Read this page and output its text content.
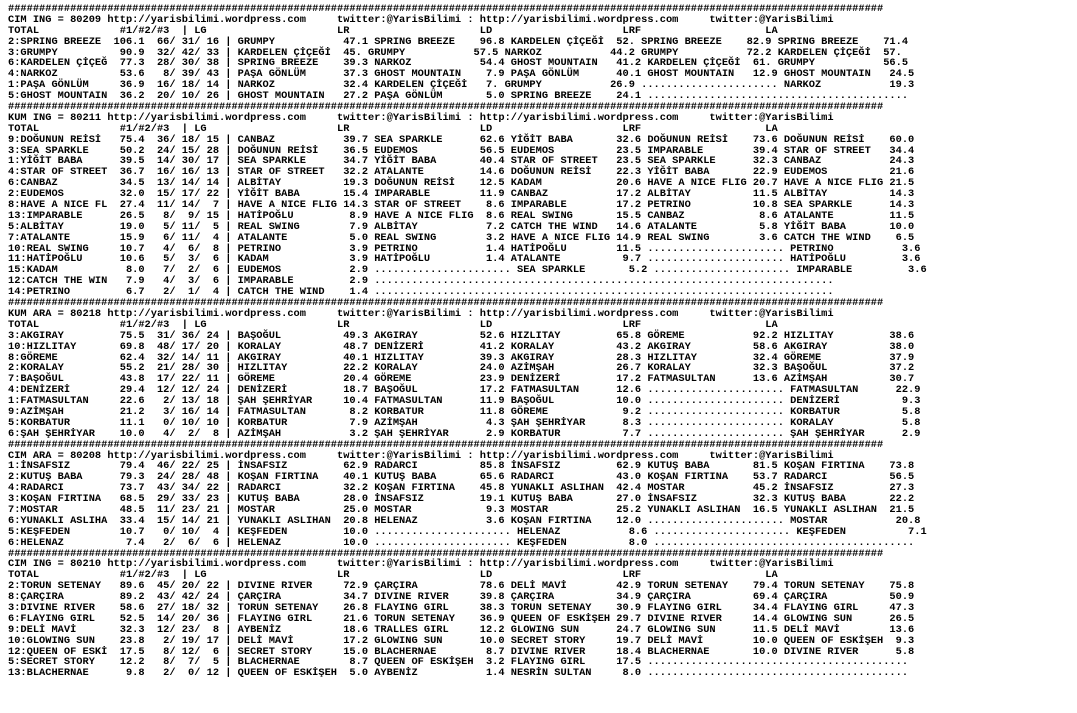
#############################################################################################################################################
CIM ING = 80209 http://yarisbilimi.wordpress.com     twitter:@YarisBilimi : http://yarisbilimi.wordpress.com     twitter:@YarisBilimi
TOTAL             #1/#2/#3  | LG                     LR                     LD                     LRF                    LA
2:SPRING BREEZE  106.1  66/ 31/ 16 | GRUMPY           47.1 SPRING BREEZE    96.8 KARDELEN ÇİÇEĞİ  52. SPRING BREEZE    82.9 SPRING BREEZE    71.4
3:GRUMPY          90.9  32/ 42/ 33 | KARDELEN ÇİÇEĞİ  45. GRUMPY           57.5 NARKOZ           44.2 GRUMPY           72.2 KARDELEN ÇİÇEĞİ  57.
6:KARDELEN ÇİÇEĞ  77.3  28/ 30/ 38 | SPRING BREEZE    39.3 NARKOZ           54.4 GHOST MOUNTAIN   41.2 KARDELEN ÇİÇEĞİ  61. GRUMPY           56.5
4:NARKOZ          53.6   8/ 39/ 43 | PAŞA GÖNLÜM      37.3 GHOST MOUNTAIN    7.9 PAŞA GÖNLÜM      40.1 GHOST MOUNTAIN   12.9 GHOST MOUNTAIN   24.5
1:PAŞA GÖNLÜM     36.9  16/ 18/ 14 | NARKOZ           32.4 KARDELEN ÇİÇEĞİ   7. GRUMPY           26.9 ...................... NARKOZ           19.3
5:GHOST MOUNTAIN  36.2  20/ 10/ 26 | GHOST MOUNTAIN   27.2 PAŞA GÖNLÜM       5.0 SPRING BREEZE    24.1 ..........................................
#############################################################################################################################################
KUM ING = 80211 http://yarisbilimi.wordpress.com     twitter:@YarisBilimi : http://yarisbilimi.wordpress.com     twitter:@YarisBilimi
TOTAL             #1/#2/#3  | LG                     LR                     LD                     LRF                    LA
9:DOĞUNUN REİSİ   75.4  36/ 18/ 15 | CANBAZ           39.7 SEA SPARKLE      62.6 YİĞİT BABA       32.6 DOĞUNUN REİSİ    73.6 DOĞUNUN REİSİ    60.0
3:SEA SPARKLE     50.2  24/ 15/ 28 | DOĞUNUN REİSİ    36.5 EUDEMOS          56.5 EUDEMOS          23.5 IMPARABLE        39.4 STAR OF STREET   34.4
1:YİĞİT BABA      39.5  14/ 30/ 17 | SEA SPARKLE      34.7 YİĞİT BABA       40.4 STAR OF STREET   23.5 SEA SPARKLE      32.3 CANBAZ           24.3
4:STAR OF STREET  36.7  16/ 16/ 13 | STAR OF STREET   32.2 ATALANTE         14.6 DOĞUNUN REİSİ    22.3 YİĞİT BABA       22.9 EUDEMOS          21.6
6:CANBAZ          34.5  13/ 14/ 14 | ALBİTAY          19.3 DOĞUNUN REİSİ    12.5 KADAM            20.6 HAVE A NICE FLIG 20.7 HAVE A NICE FLIG 21.5
2:EUDEMOS         32.0  15/ 17/ 22 | YİĞİT BABA       15.4 IMPARABLE        11.9 CANBAZ           17.2 ALBİTAY          11.5 ALBİTAY          14.3
8:HAVE A NICE FL  27.4  11/ 14/  7 | HAVE A NICE FLIG 14.3 STAR OF STREET    8.6 IMPARABLE        17.2 PETRINO          10.8 SEA SPARKLE      14.3
13:IMPARABLE      26.5   8/  9/ 15 | HATİPOĞLU         8.9 HAVE A NICE FLIG  8.6 REAL SWING       15.5 CANBAZ            8.6 ATALANTE         11.5
5:ALBİTAY         19.0   5/ 11/  5 | REAL SWING        7.9 ALBİTAY           7.2 CATCH THE WIND   14.6 ATALANTE          5.8 YİĞİT BABA       10.0
7:ATALANTE        15.9   6/ 11/  4 | ATALANTE          5.0 REAL SWING        3.2 HAVE A NICE FLIG 14.9 REAL SWING        3.6 CATCH THE WIND    6.5
10:REAL SWING     10.7   4/  6/  8 | PETRINO           3.9 PETRINO           1.4 HATİPOĞLU        11.5 ...................... PETRINO           3.6
11:HATİPOĞLU      10.6   5/  3/  6 | KADAM             3.9 HATİPOĞLU         1.4 ATALANTE          9.7 ...................... HATİPOĞLU         3.6
15:KADAM           8.0   7/  2/  6 | EUDEMOS           2.9 ...................... SEA SPARKLE       5.2 ...................... IMPARABLE         3.6
12:CATCH THE WIN   7.9   4/  3/  6 | IMPARABLE         2.9 ..........................................................................
14:PETRINO         6.7   2/  1/  4 | CATCH THE WIND    1.4 ..........................................................................
#############################################################################################################################################
KUM ARA = 80218 http://yarisbilimi.wordpress.com     twitter:@YarisBilimi : http://yarisbilimi.wordpress.com     twitter:@YarisBilimi
TOTAL             #1/#2/#3  | LG                     LR                     LD                     LRF                    LA
3:AKGIRAY         75.5  31/ 36/ 24 | BAŞOĞUL          49.3 AKGIRAY          52.6 HIZLITAY         65.8 GÖREME           92.2 HIZLITAY         38.6
10:HIZLITAY       69.8  48/ 17/ 20 | KORALAY          48.7 DENİZERİ         41.2 KORALAY          43.2 AKGIRAY          58.6 AKGIRAY          38.0
8:GÖREME          62.4  32/ 14/ 11 | AKGIRAY          40.1 HIZLITAY         39.3 AKGIRAY          28.3 HIZLITAY         32.4 GÖREME           37.9
2:KORALAY         55.2  21/ 28/ 30 | HIZLITAY         22.2 KORALAY          24.0 AZİMŞAH          26.7 KORALAY          32.3 BAŞOĞUL          37.2
7:BAŞOĞUL         43.8  17/ 22/ 11 | GÖREME           20.4 GÖREME           23.9 DENİZERİ         17.2 FATMASULTAN      13.6 AZİMŞAH          30.7
4:DENİZERİ        29.4  12/ 12/ 24 | DENİZERİ         18.7 BAŞOĞUL          17.2 FATMASULTAN      12.6 ...................... FATMASULTAN      22.9
1:FATMASULTAN     22.6   2/ 13/ 18 | ŞAH ŞEHRİYAR     10.4 FATMASULTAN      11.9 BAŞOĞUL          10.0 ...................... DENİZERİ          9.3
9:AZİMŞAH         21.2   3/ 16/ 14 | FATMASULTAN       8.2 KORBATUR         11.8 GÖREME            9.2 ...................... KORBATUR          5.8
5:KORBATUR        11.1   0/ 10/ 10 | KORBATUR          7.9 AZİMŞAH           4.3 ŞAH ŞEHRİYAR      8.3 ...................... KORALAY           5.8
6:ŞAH ŞEHRİYAR    10.0   4/  2/  8 | AZİMŞAH           3.2 ŞAH ŞEHRİYAR      2.9 KORBATUR          7.7 ...................... ŞAH ŞEHRİYAR      2.9
#############################################################################################################################################
CIM ARA = 80208 http://yarisbilimi.wordpress.com     twitter:@YarisBilimi : http://yarisbilimi.wordpress.com     twitter:@YarisBilimi
1:İNSAFSIZ        79.4  46/ 22/ 25 | İNSAFSIZ         62.9 RADARCI          85.8 İNSAFSIZ         62.9 KUTUŞ BABA       81.5 KOŞAN FIRTINA    73.8
2:KUTUŞ BABA      79.3  24/ 28/ 48 | KOŞAN FIRTINA    40.1 KUTUŞ BABA       65.6 RADARCI          43.0 KOŞAN FIRTINA    53.7 RADARCI          56.5
4:RADARCI         73.7  43/ 34/ 22 | RADARCI          32.2 KOŞAN FIRTINA    45.8 YUNAKLI ASLIHAN  42.4 MOSTAR           45.2 İNSAFSIZ         27.3
3:KOŞAN FIRTINA   68.5  29/ 33/ 23 | KUTUŞ BABA       28.0 İNSAFSIZ         19.1 KUTUŞ BABA       27.0 İNSAFSIZ         32.3 KUTUŞ BABA       22.2
7:MOSTAR          48.5  11/ 23/ 21 | MOSTAR           25.0 MOSTAR            9.3 MOSTAR           25.2 YUNAKLI ASLIHAN  16.5 YUNAKLI ASLIHAN  21.5
6:YUNAKLI ASLIHA  33.4  15/ 14/ 21 | YUNAKLI ASLIHAN  20.8 HELENAZ           3.6 KOŞAN FIRTINA    12.0 ...................... MOSTAR           20.8
5:KEŞFEDEN        10.7   0/ 10/  4 | KEŞFEDEN         10.0 ...................... HELENAZ           8.6 ...................... KEŞFEDEN          7.1
6:HELENAZ          7.4   2/  6/  6 | HELENAZ          10.0 ...................... KEŞFEDEN          8.0 ..........................................
#############################################################################################################################################
CIM ING = 80210 http://yarisbilimi.wordpress.com     twitter:@YarisBilimi : http://yarisbilimi.wordpress.com     twitter:@YarisBilimi
TOTAL             #1/#2/#3  | LG                     LR                     LD                     LRF                    LA
2:TORUN SETENAY   89.6  45/ 20/ 22 | DIVINE RIVER     72.9 ÇARÇIRA          78.6 DELİ MAVİ        42.9 TORUN SETENAY    79.4 TORUN SETENAY    75.8
8:ÇARÇIRA         89.2  43/ 42/ 24 | ÇARÇIRA          34.7 DIVINE RIVER     39.8 ÇARÇIRA          34.9 ÇARÇIRA          69.4 ÇARÇIRA          50.9
3:DIVINE RIVER    58.6  27/ 18/ 32 | TORUN SETENAY    26.8 FLAYING GIRL     38.3 TORUN SETENAY    30.9 FLAYING GIRL     34.4 FLAYING GIRL     47.3
6:FLAYING GIRL    52.5  14/ 20/ 36 | FLAYING GIRL     21.6 TORUN SETENAY    36.9 QUEEN OF ESKİŞEH 29.7 DIVINE RIVER     14.4 GLOWING SUN      26.5
9:DELİ MAVİ       32.3  12/ 23/  8 | AYBENİZ          18.6 TRALLES GIRL     12.2 GLOWING SUN      24.7 GLOWING SUN      11.5 DELİ MAVİ        13.6
10:GLOWING SUN    23.8   2/ 19/ 17 | DELİ MAVİ        17.2 GLOWING SUN      10.0 SECRET STORY     19.7 DELİ MAVİ        10.0 QUEEN OF ESKİŞEH  9.3
12:QUEEN OF ESKİ  17.5   8/ 12/  6 | SECRET STORY     15.0 BLACHERNAE        8.7 DIVINE RIVER     18.4 BLACHERNAE       10.0 DIVINE RIVER      5.8
5:SECRET STORY    12.2   8/  7/  5 | BLACHERNAE        8.7 QUEEN OF ESKİŞEH  3.2 FLAYING GIRL     17.5 ..........................................
13:BLACHERNAE      9.8   2/  0/ 12 | QUEEN OF ESKİŞEH  5.0 AYBENİZ           1.4 NESRİN SULTAN     8.0 ..........................................
